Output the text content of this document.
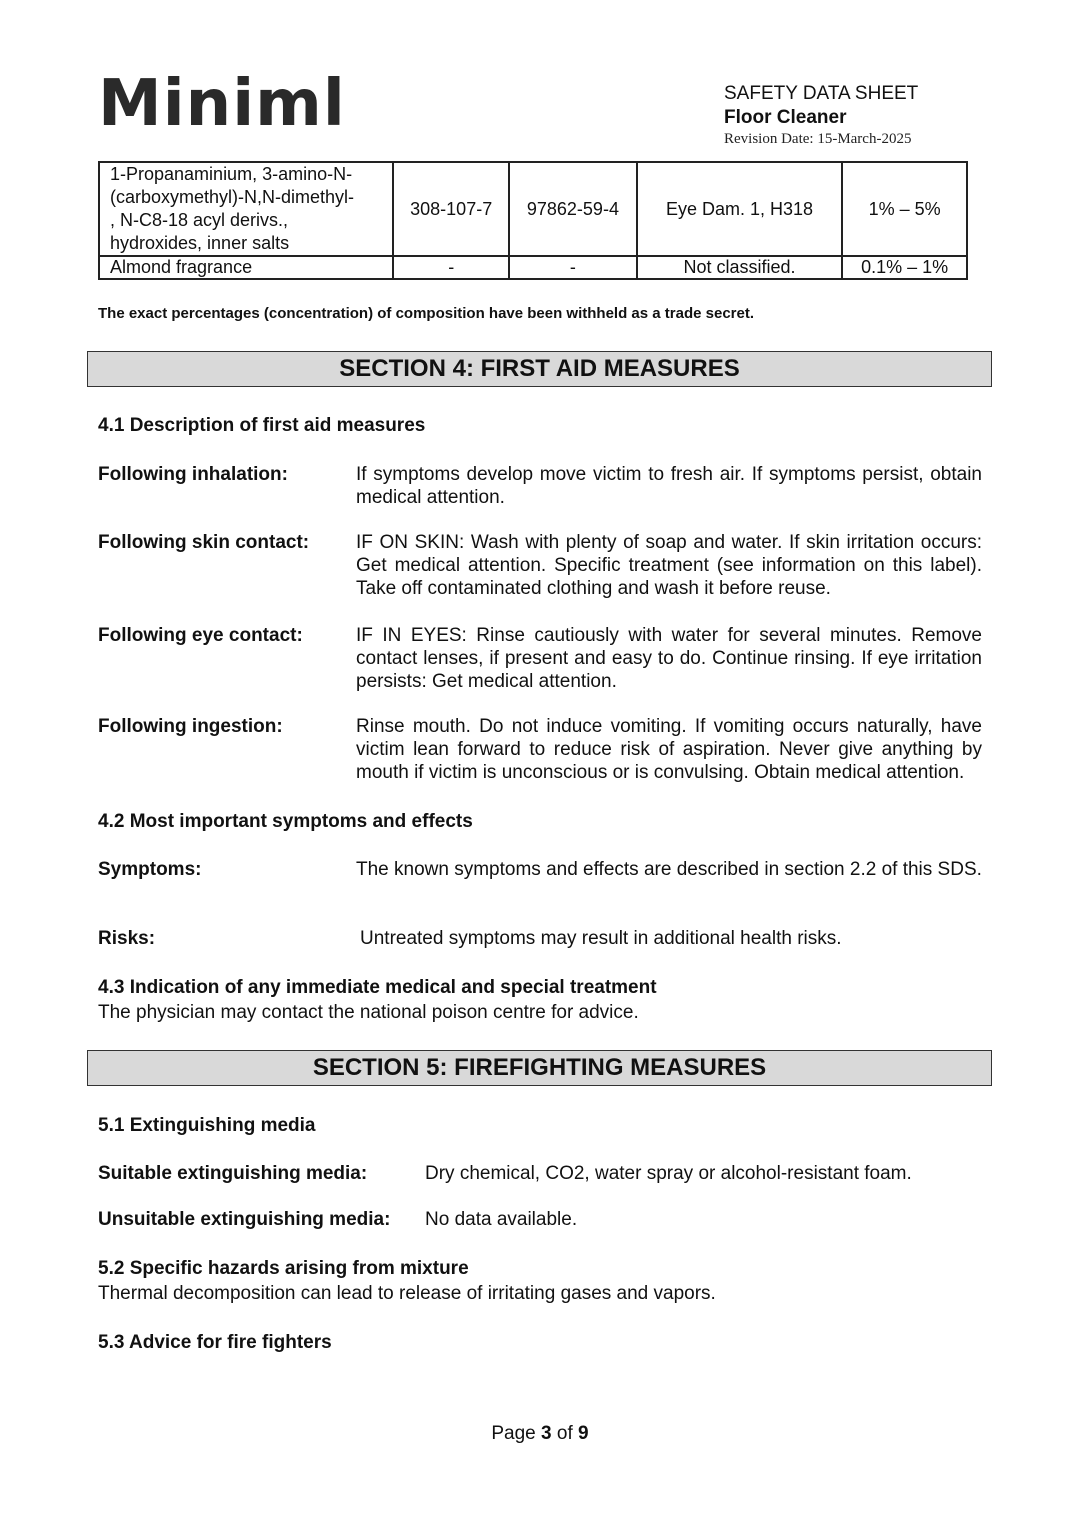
Miniml	SAFETY DATA SHEET
Floor Cleaner
Revision Date: 15-March-2025
1-Propanaminium, 3-amino-N-
(carboxymethyl)-N,N-dimethyl-
, N-C8-18 acyl derivs.,
hydroxides, inner salts	308-107-7	97862-59-4	Eye Dam. 1, H318	1% – 5%
Almond fragrance	-	-	Not classified.	0.1% – 1%
The exact percentages (concentration) of composition have been withheld as a trade secret.
SECTION 4: FIRST AID MEASURES
4.1 Description of first aid measures
Following inhalation:	If symptoms develop move victim to fresh air. If symptoms persist, obtain medical attention.
Following skin contact: IF ON SKIN: Wash with plenty of soap and water. If skin irritation occurs: Get medical attention. Specific treatment (see information on this label). Take off contaminated clothing and wash it before reuse.
Following eye contact:	IF IN EYES: Rinse cautiously with water for several minutes. Remove contact lenses, if present and easy to do. Continue rinsing. If eye irritation persists: Get medical attention.
Following ingestion:	Rinse mouth. Do not induce vomiting. If vomiting occurs naturally, have victim lean forward to reduce risk of aspiration. Never give anything by mouth if victim is unconscious or is convulsing. Obtain medical attention.
4.2 Most important symptoms and effects
Symptoms:	The known symptoms and effects are described in section 2.2 of this SDS.
Risks:	Untreated symptoms may result in additional health risks.
4.3 Indication of any immediate medical and special treatment
The physician may contact the national poison centre for advice.
SECTION 5: FIREFIGHTING MEASURES
5.1 Extinguishing media
Suitable extinguishing media:	Dry chemical, CO2, water spray or alcohol-resistant foam.
Unsuitable extinguishing media: No data available.
5.2 Specific hazards arising from mixture
Thermal decomposition can lead to release of irritating gases and vapors.
5.3 Advice for fire fighters
Page 3 of 9
